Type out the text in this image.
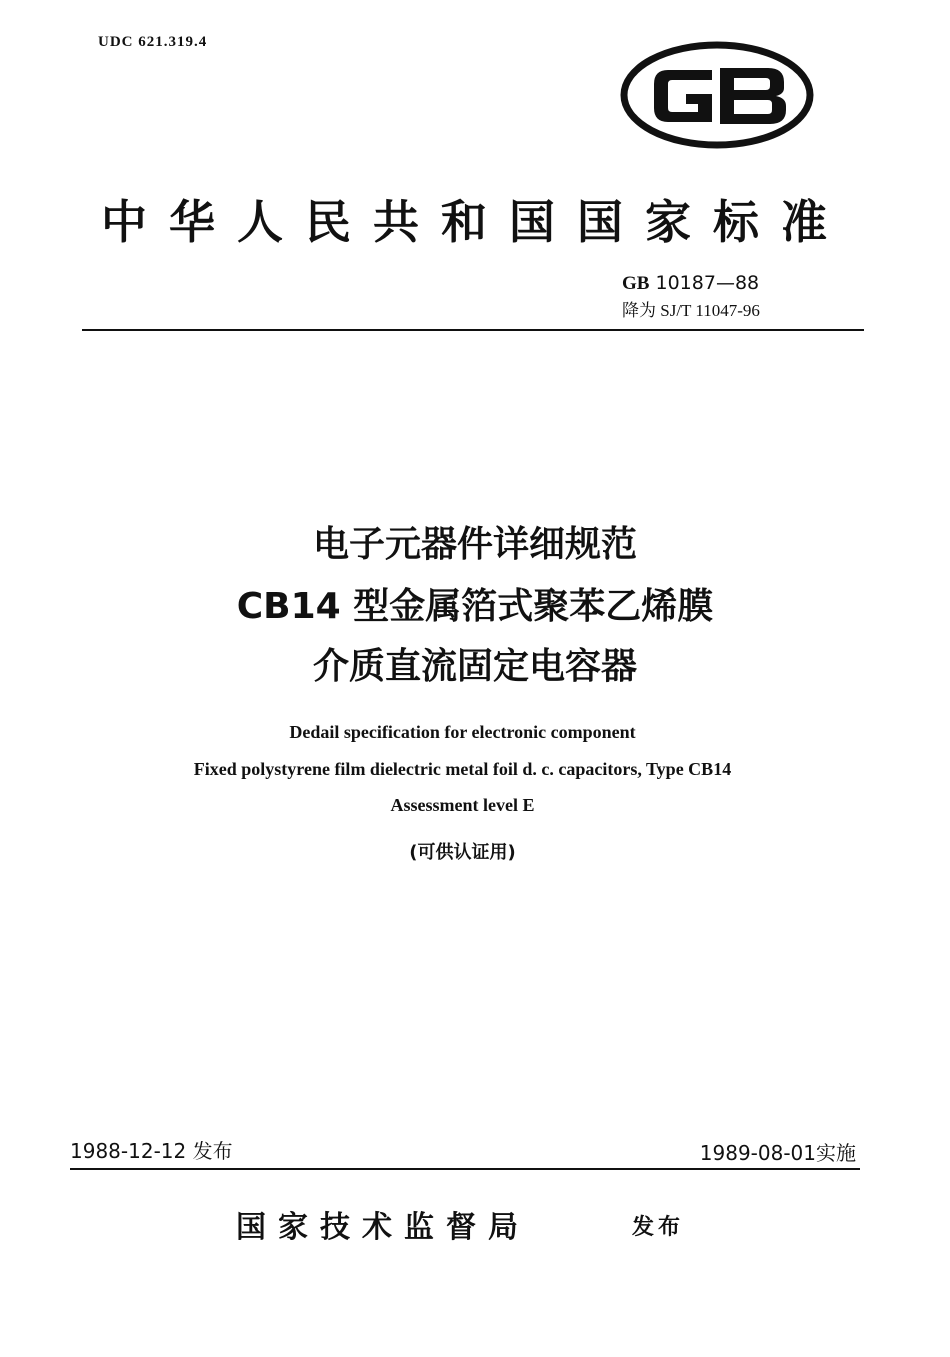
UDC 621.319.4
中华人民共和国国家标准
GB 10187—88
降为 SJ/T 11047-96
电子元器件详细规范
CB14 型金属箔式聚苯乙烯膜
介质直流固定电容器
Dedail specification for electronic component
Fixed polystyrene film dielectric metal foil d. c. capacitors, Type CB14
Assessment level E
(可供认证用)
1988-12-12 发布	1989-08-01实施
国家技术监督局	发布
